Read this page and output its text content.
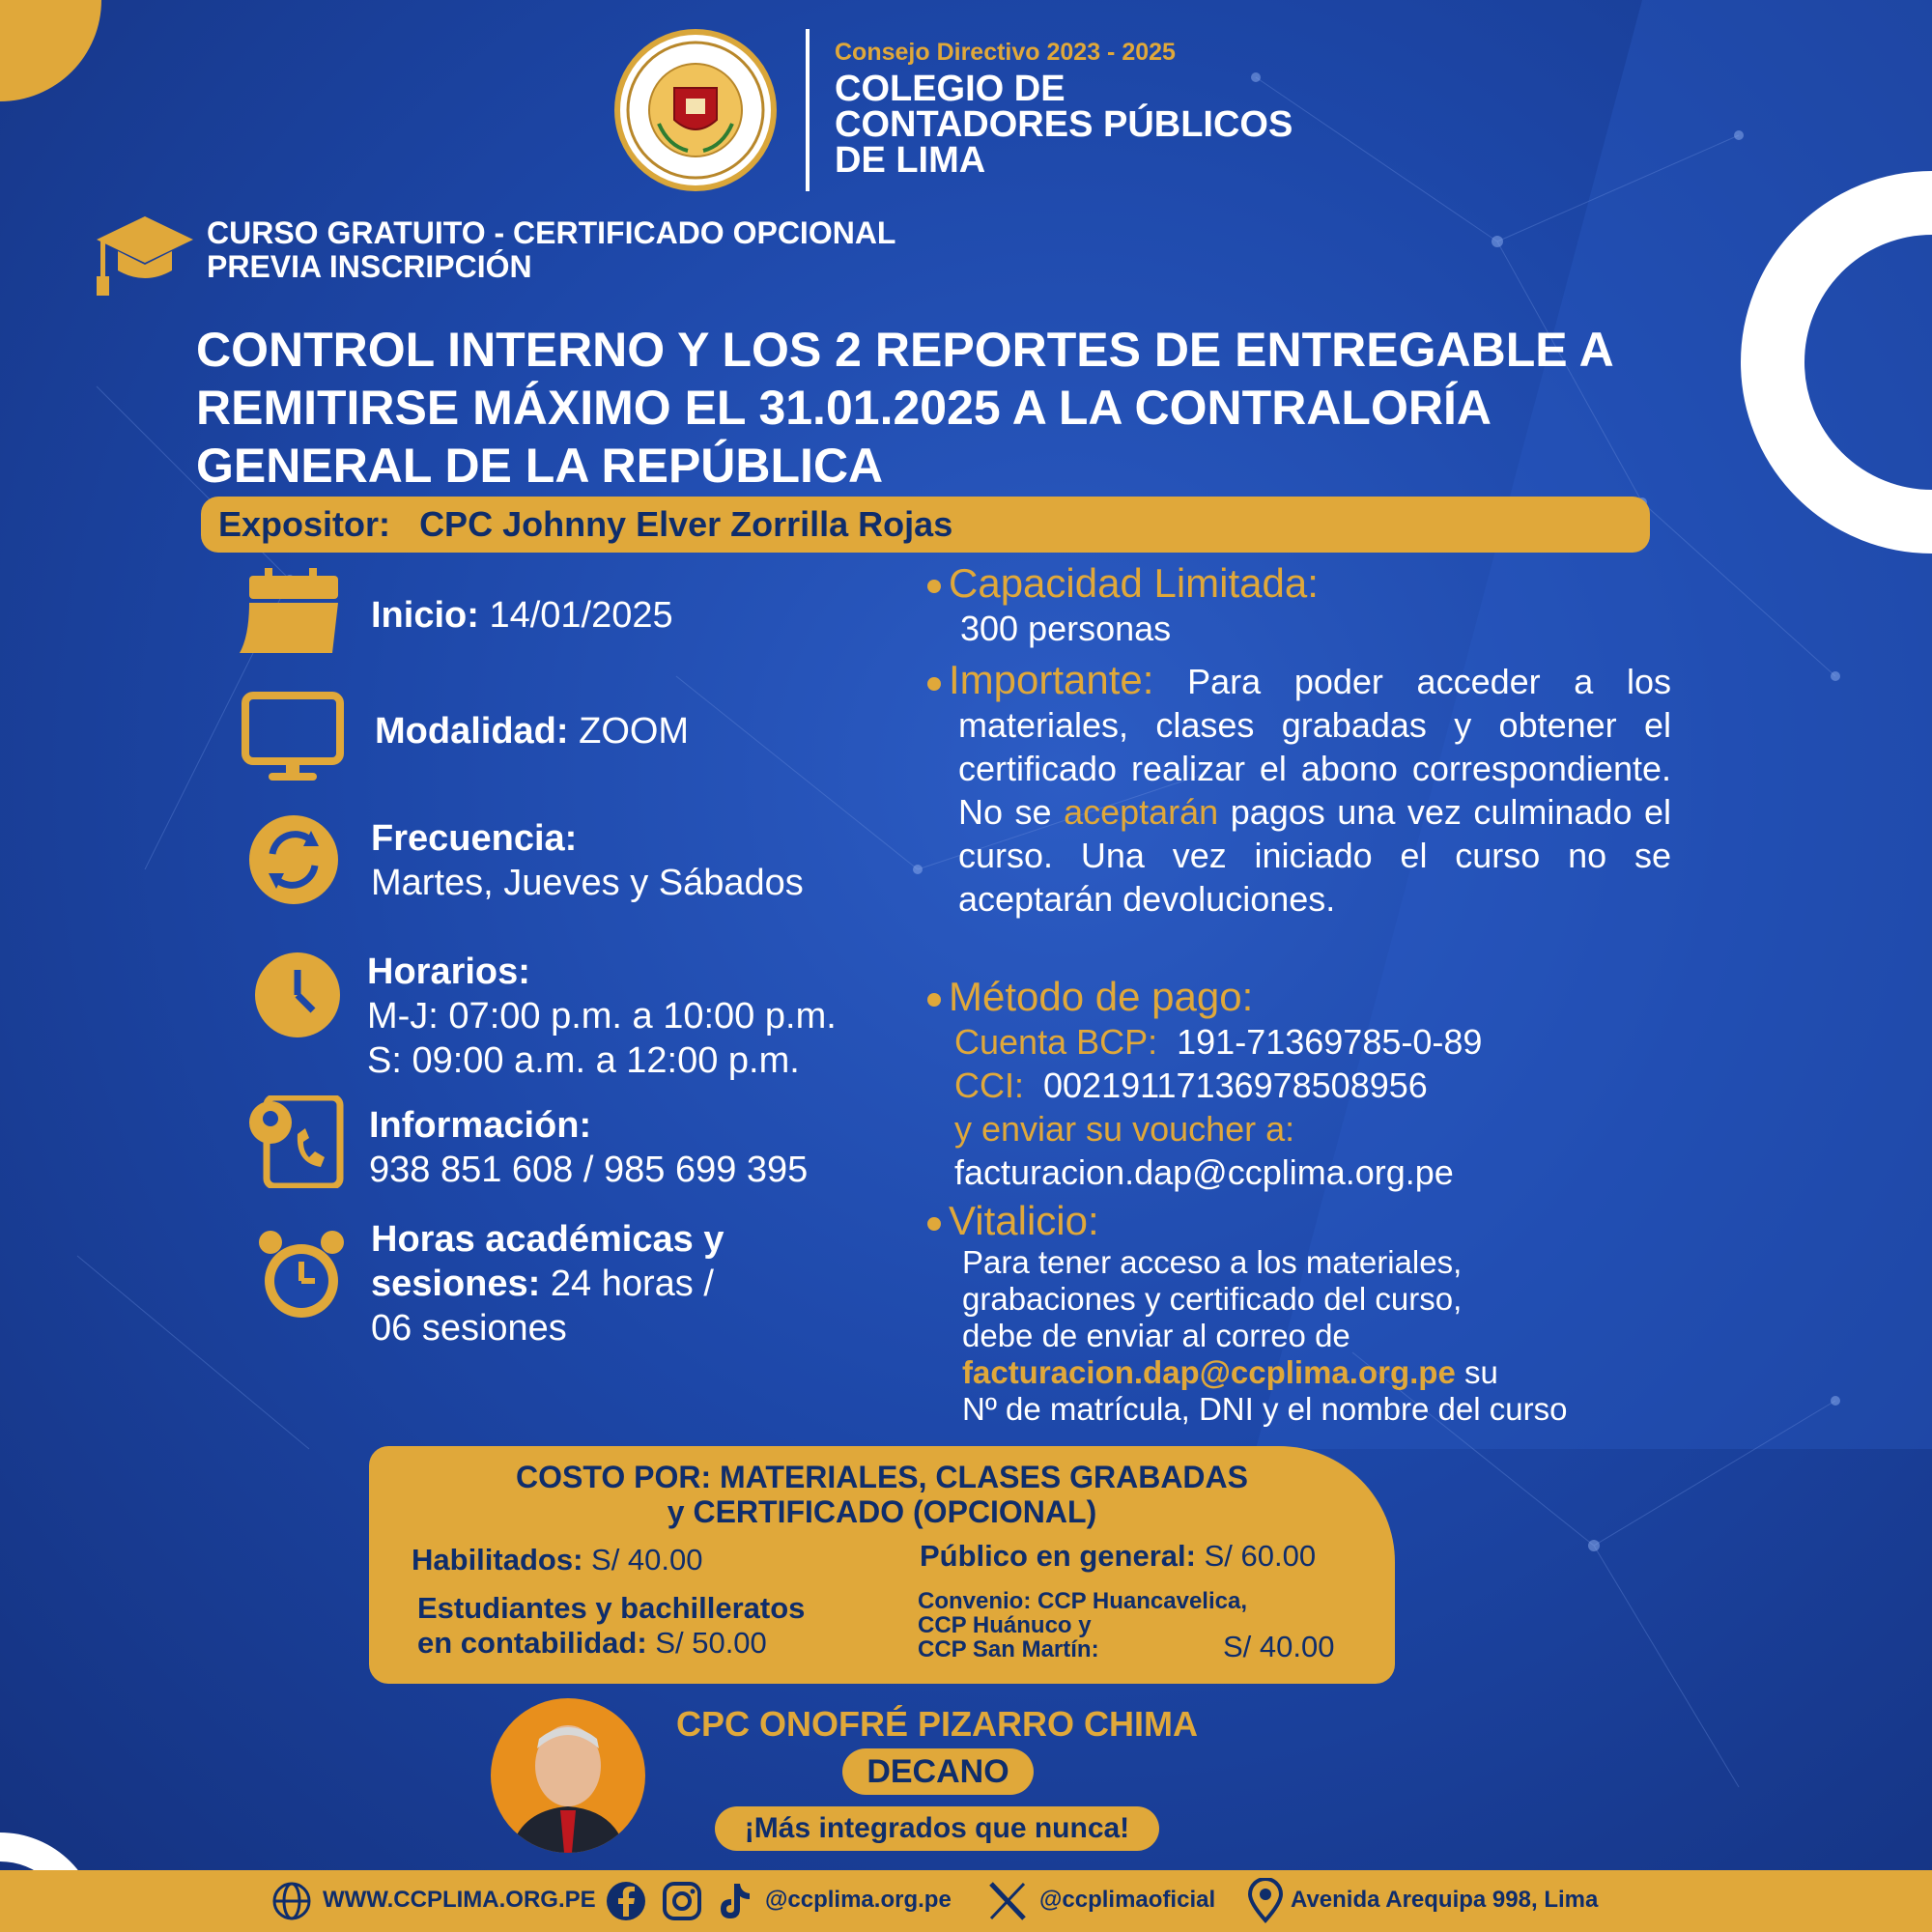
Consejo Directivo 2023 - 2025
COLEGIO DE
CONTADORES PÚBLICOS
DE LIMA
CURSO GRATUITO - CERTIFICADO OPCIONAL
PREVIA INSCRIPCIÓN
CONTROL INTERNO Y LOS 2 REPORTES DE ENTREGABLE A
REMITIRSE MÁXIMO EL 31.01.2025 A LA CONTRALORÍA
GENERAL DE LA REPÚBLICA
Expositor: CPC Johnny Elver Zorrilla Rojas
Inicio: 14/01/2025
Modalidad: ZOOM
Frecuencia:
Martes, Jueves y Sábados
Horarios:
M-J: 07:00 p.m. a 10:00 p.m.
S: 09:00 a.m. a 12:00 p.m.
Información:
938 851 608 / 985 699 395
Horas académicas y
sesiones: 24 horas /
06 sesiones
Capacidad Limitada:
300 personas
Importante: Para poder acceder a los materiales, clases grabadas y obtener el certificado realizar el abono correspondiente. No se aceptarán pagos una vez culminado el curso. Una vez iniciado el curso no se aceptarán devoluciones.
Método de pago:
Cuenta BCP: 191-71369785-0-89
CCI: 00219117136978508956
y enviar su voucher a:
facturacion.dap@ccplima.org.pe
Vitalicio:
Para tener acceso a los materiales,
grabaciones y certificado del curso,
debe de enviar al correo de
facturacion.dap@ccplima.org.pe su
Nº de matrícula, DNI y el nombre del curso
COSTO POR: MATERIALES, CLASES GRABADAS
y CERTIFICADO (OPCIONAL)
Habilitados: S/ 40.00	Público en general: S/ 60.00
Estudiantes y bachilleratos
en contabilidad: S/ 50.00
Convenio: CCP Huancavelica,
CCP Huánuco y
CCP San Martín:	S/ 40.00
CPC ONOFRÉ PIZARRO CHIMA
DECANO
¡Más integrados que nunca!
WWW.CCPLIMA.ORG.PE	@ccplima.org.pe	@ccplimaoficial	Avenida Arequipa 998, Lima
